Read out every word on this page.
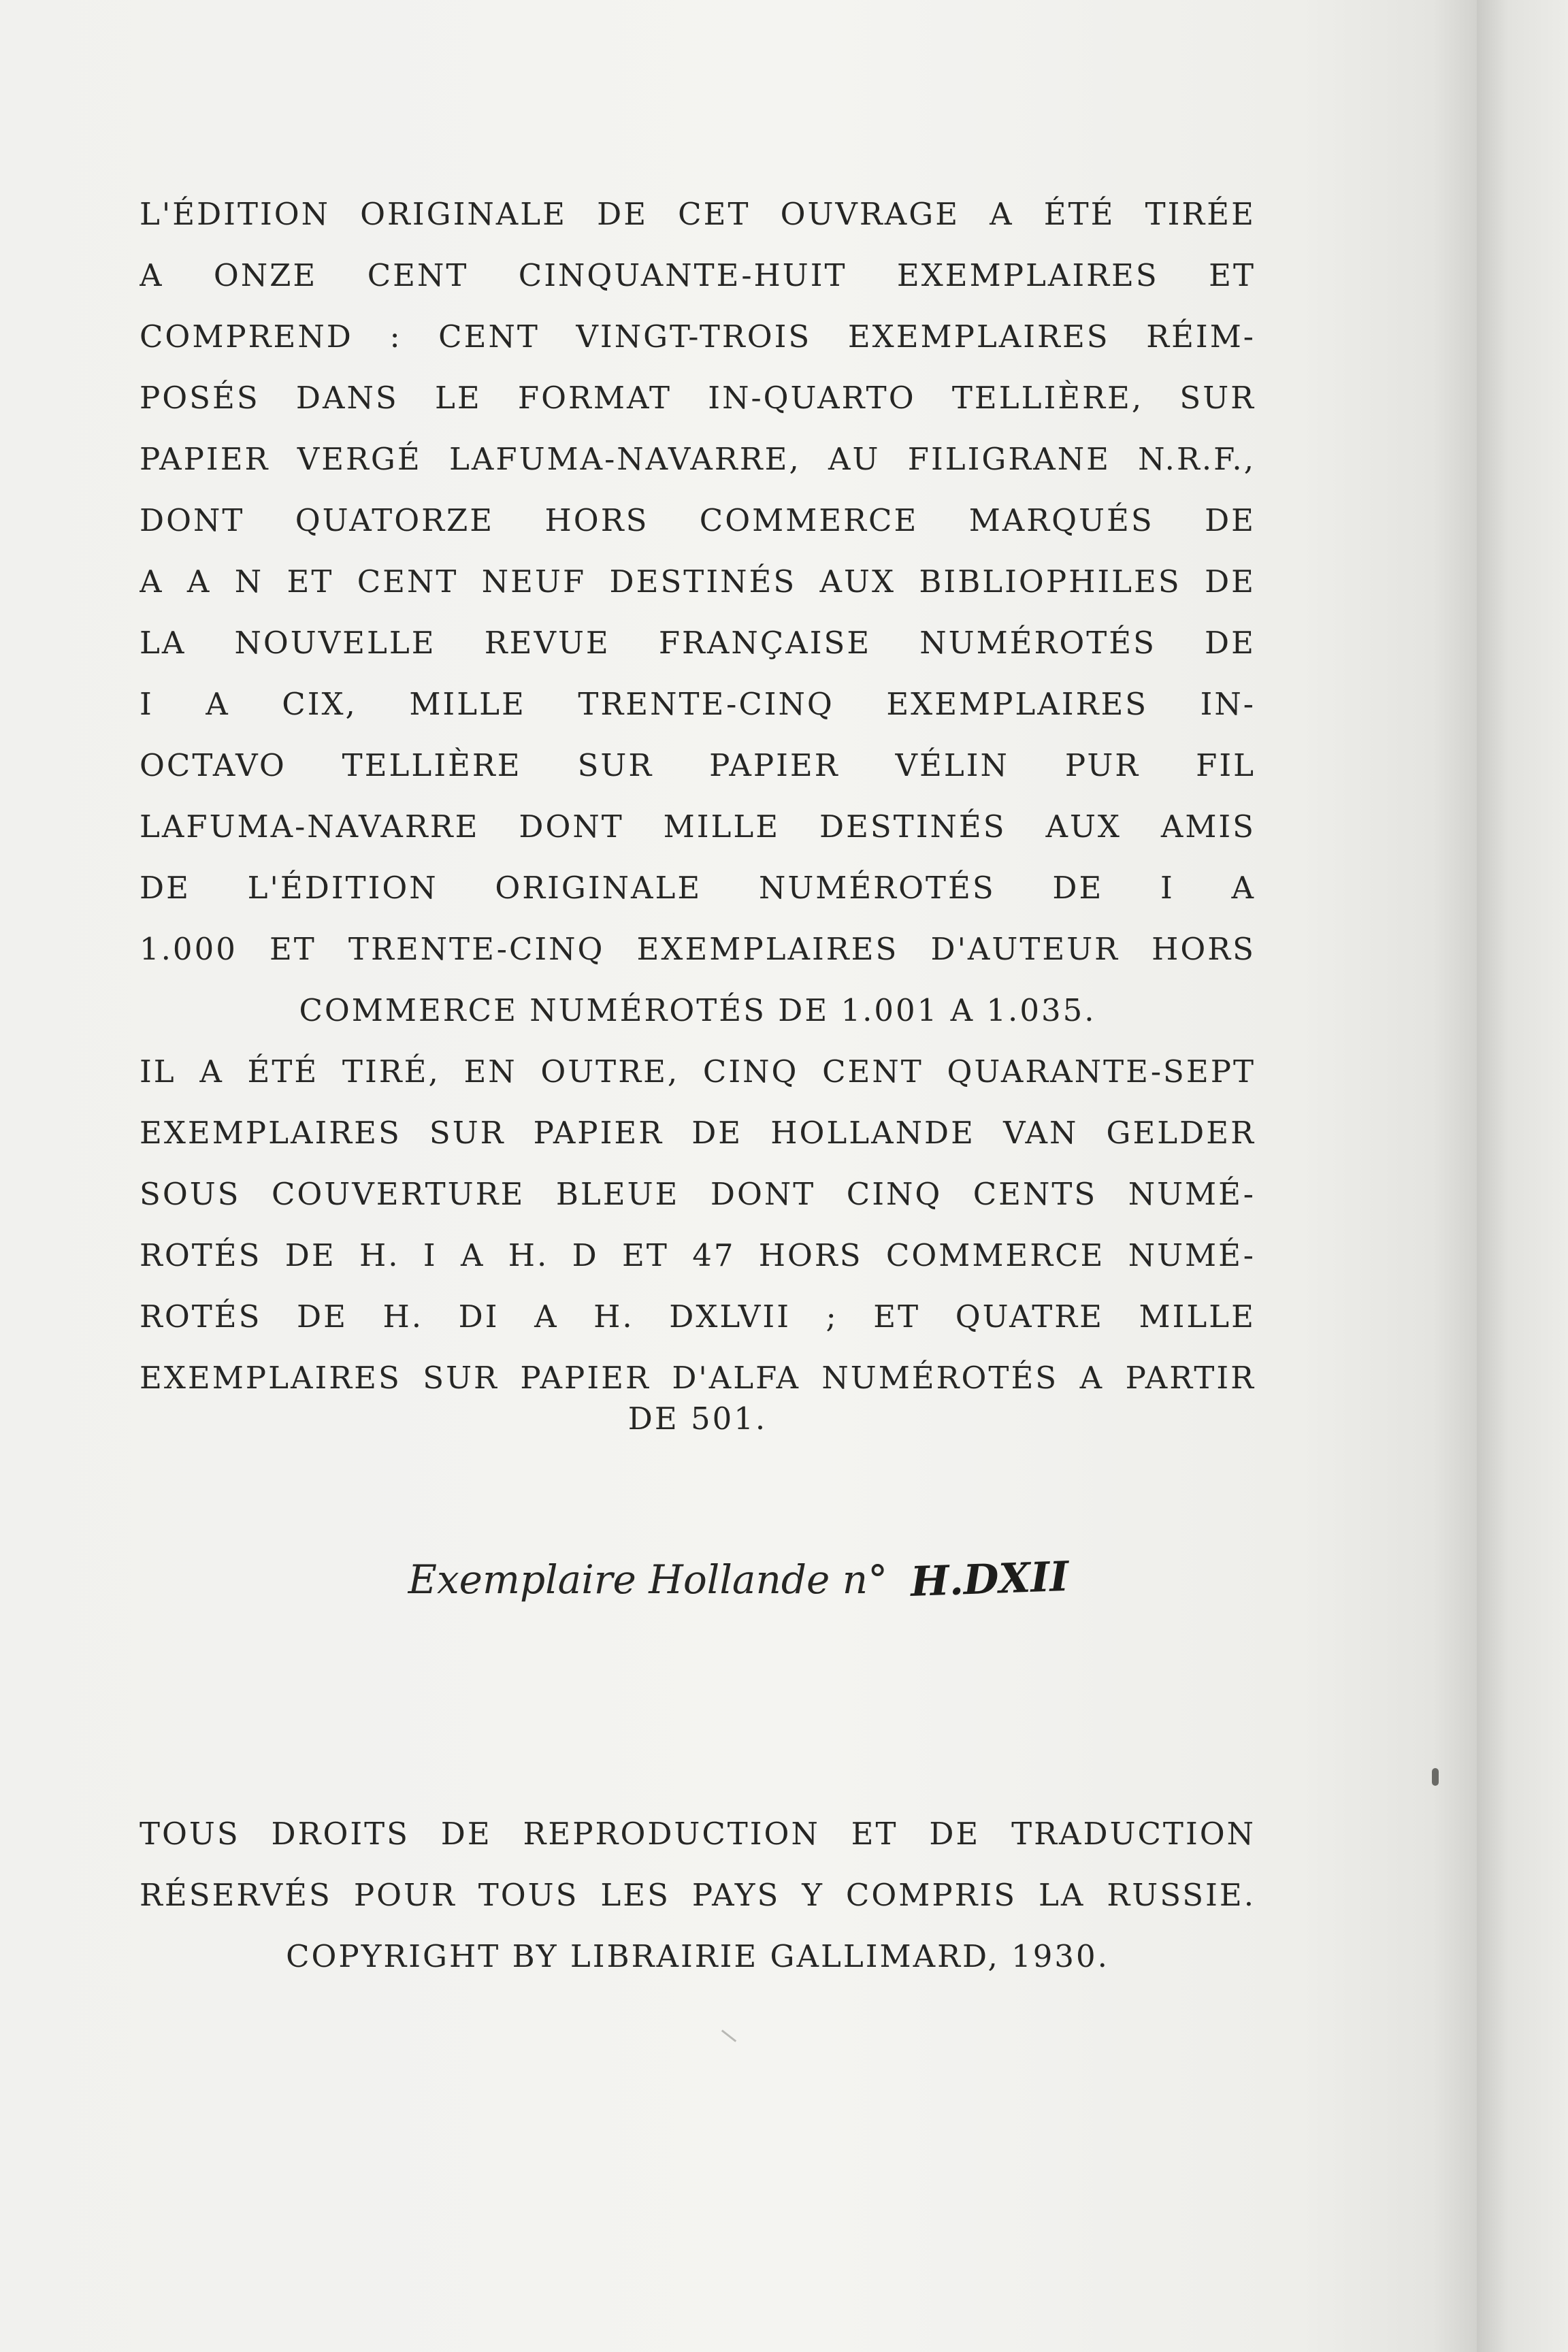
L'ÉDITION ORIGINALE DE CET OUVRAGE A ÉTÉ TIRÉE

A ONZE CENT CINQUANTE-HUIT EXEMPLAIRES ET

COMPREND : CENT VINGT-TROIS EXEMPLAIRES RÉIM-

POSÉS DANS LE FORMAT IN-QUARTO TELLIÈRE, SUR

PAPIER VERGÉ LAFUMA-NAVARRE, AU FILIGRANE N.R.F.,

DONT QUATORZE HORS COMMERCE MARQUÉS DE

A A N ET CENT NEUF DESTINÉS AUX BIBLIOPHILES DE

LA NOUVELLE REVUE FRANÇAISE NUMÉROTÉS DE

I A CIX, MILLE TRENTE-CINQ EXEMPLAIRES IN-

OCTAVO TELLIÈRE SUR PAPIER VÉLIN PUR FIL

LAFUMA-NAVARRE DONT MILLE DESTINÉS AUX AMIS

DE L'ÉDITION ORIGINALE NUMÉROTÉS DE I A

1.000 ET TRENTE-CINQ EXEMPLAIRES D'AUTEUR HORS

COMMERCE NUMÉROTÉS DE 1.001 A 1.035.

IL A ÉTÉ TIRÉ, EN OUTRE, CINQ CENT QUARANTE-SEPT

EXEMPLAIRES SUR PAPIER DE HOLLANDE VAN GELDER

SOUS COUVERTURE BLEUE DONT CINQ CENTS NUMÉ-

ROTÉS DE H. I A H. D ET 47 HORS COMMERCE NUMÉ-

ROTÉS DE H. DI A H. DXLVII ; ET QUATRE MILLE

EXEMPLAIRES SUR PAPIER D'ALFA NUMÉROTÉS A PARTIR

DE 501.

Exemplaire Hollande n° H.DXII

TOUS DROITS DE REPRODUCTION ET DE TRADUCTION

RÉSERVÉS POUR TOUS LES PAYS Y COMPRIS LA RUSSIE.

COPYRIGHT BY LIBRAIRIE GALLIMARD, 1930.
